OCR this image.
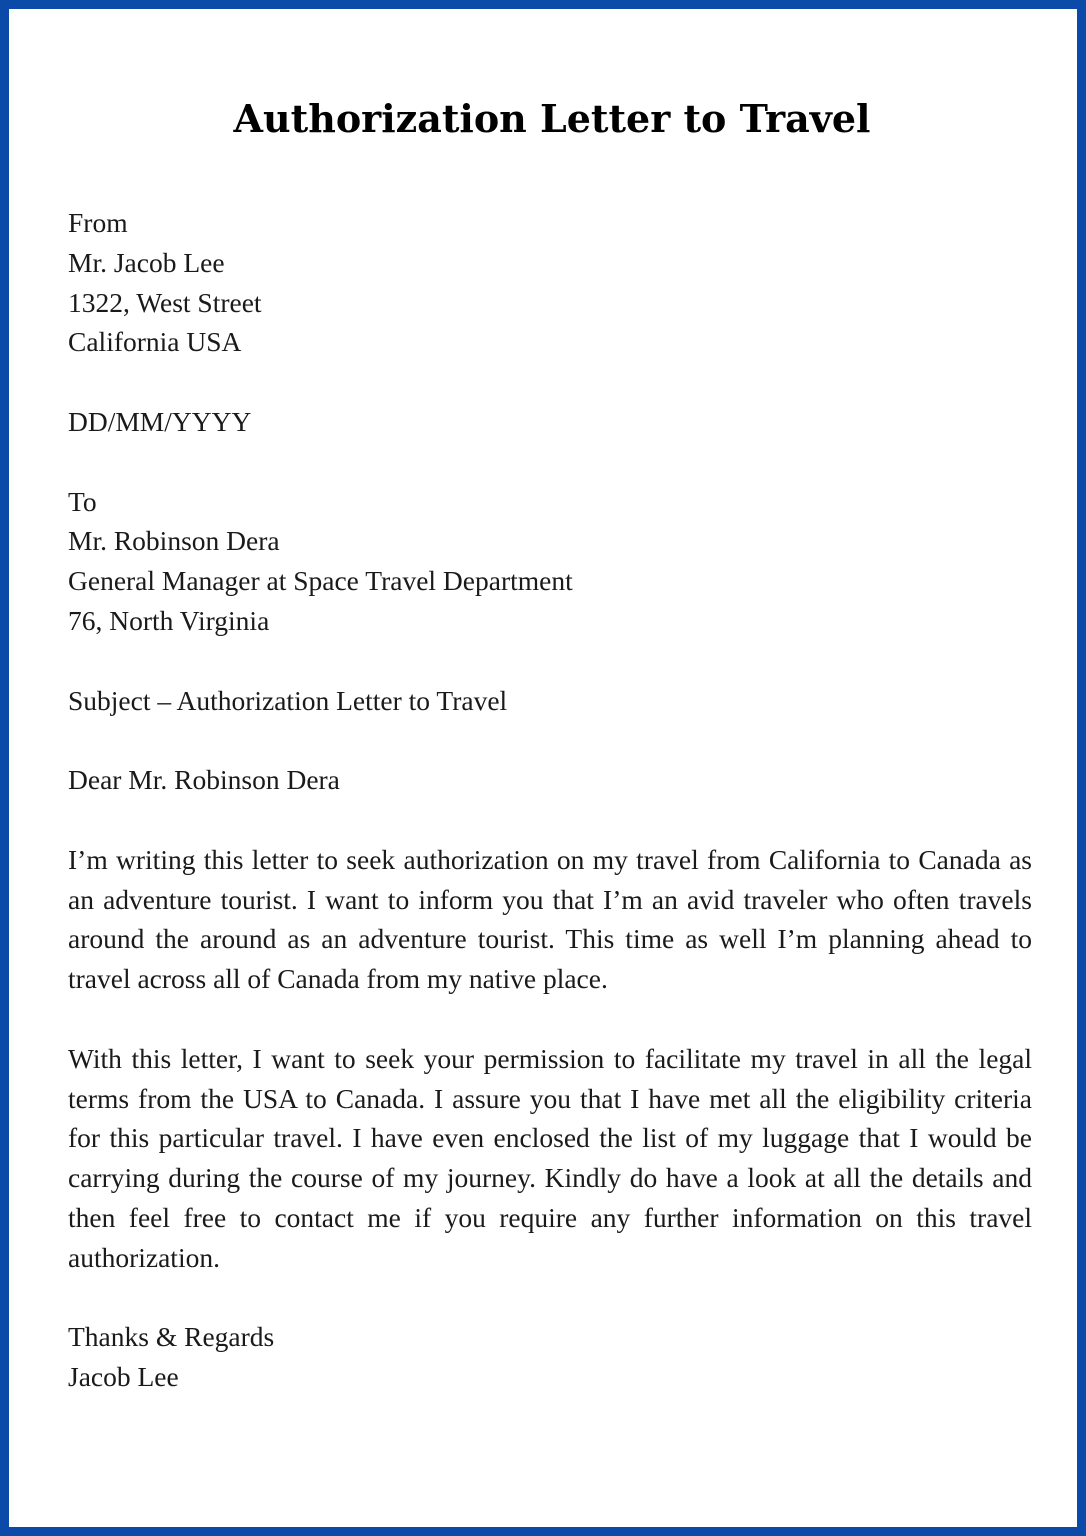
Authorization Letter to Travel
From
Mr. Jacob Lee
1322, West Street
California USA
DD/MM/YYYY
To
Mr. Robinson Dera
General Manager at Space Travel Department
76, North Virginia
Subject – Authorization Letter to Travel
Dear Mr. Robinson Dera

I’m writing this letter to seek authorization on my travel from California to Canada as an adventure tourist. I want to inform you that I’m an avid traveler who often travels around the around as an adventure tourist. This time as well I’m planning ahead to travel across all of Canada from my native place.

With this letter, I want to seek your permission to facilitate my travel in all the legal terms from the USA to Canada. I assure you that I have met all the eligibility criteria for this particular travel. I have even enclosed the list of my luggage that I would be carrying during the course of my journey. Kindly do have a look at all the details and then feel free to contact me if you require any further information on this travel authorization.

Thanks & Regards
Jacob Lee
